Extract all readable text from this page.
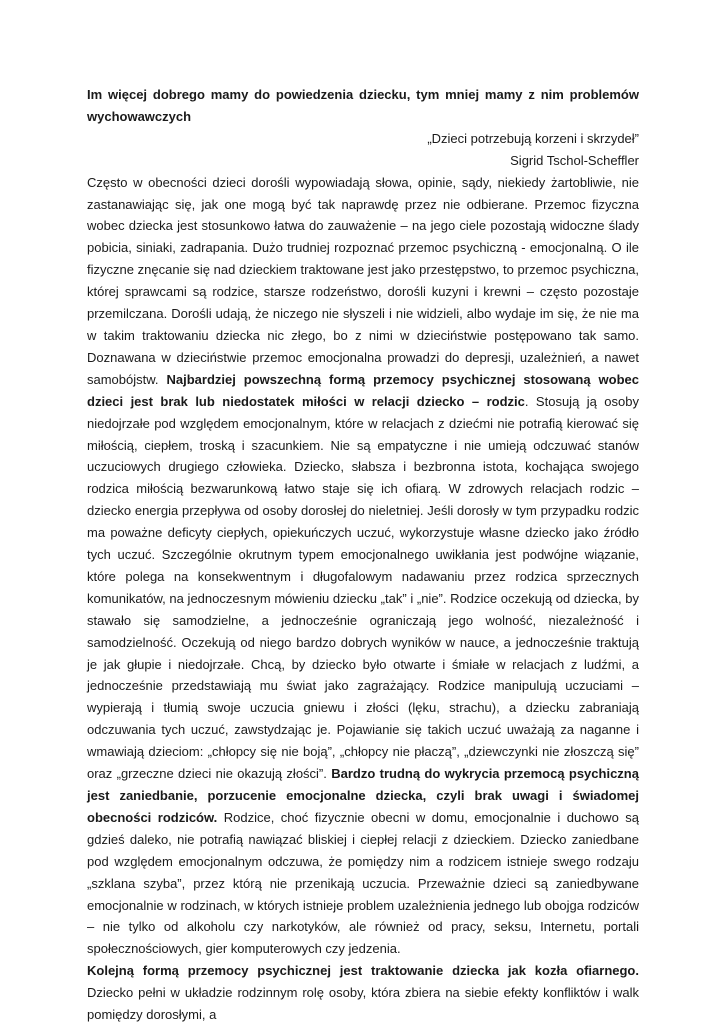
Im więcej dobrego mamy do powiedzenia dziecku, tym mniej mamy z nim problemów wychowawczych

„Dzieci potrzebują korzeni i skrzydeł”

Sigrid Tschol-Scheffler

Często w obecności dzieci dorośli wypowiadają słowa, opinie, sądy, niekiedy żartobliwie, nie zastanawiając się, jak one mogą być tak naprawdę przez nie odbierane. Przemoc fizyczna wobec dziecka jest stosunkowo łatwa do zauważenie – na jego ciele pozostają widoczne ślady pobicia, siniaki, zadrapania. Dużo trudniej rozpoznać przemoc psychiczną - emocjonalną. O ile fizyczne znęcanie się nad dzieckiem traktowane jest jako przestępstwo, to przemoc psychiczna, której sprawcami są rodzice, starsze rodzeństwo, dorośli kuzyni i krewni – często pozostaje przemilczana. Dorośli udają, że niczego nie słyszeli i nie widzieli, albo wydaje im się, że nie ma w takim traktowaniu dziecka nic złego, bo z nimi w dzieciństwie postępowano tak samo. Doznawana w dzieciństwie przemoc emocjonalna prowadzi do depresji, uzależnień, a nawet samobójstw. Najbardziej powszechną formą przemocy psychicznej stosowaną wobec dzieci jest brak lub niedostatek miłości w relacji dziecko – rodzic. Stosują ją osoby niedojrzałe pod względem emocjonalnym, które w relacjach z dziećmi nie potrafią kierować się miłością, ciepłem, troską i szacunkiem. Nie są empatyczne i nie umieją odczuwać stanów uczuciowych drugiego człowieka. Dziecko, słabsza i bezbronna istota, kochająca swojego rodzica miłością bezwarunkową łatwo staje się ich ofiarą. W zdrowych relacjach rodzic – dziecko energia przepływa od osoby dorosłej do nieletniej. Jeśli dorosły w tym przypadku rodzic ma poważne deficyty ciepłych, opiekuńczych uczuć, wykorzystuje własne dziecko jako źródło tych uczuć. Szczególnie okrutnym typem emocjonalnego uwikłania jest podwójne wiązanie, które polega na konsekwentnym i długofalowym nadawaniu przez rodzica sprzecznych komunikatów, na jednoczesnym mówieniu dziecku „tak” i „nie”. Rodzice oczekują od dziecka, by stawało się samodzielne, a jednocześnie ograniczają jego wolność, niezależność i samodzielność. Oczekują od niego bardzo dobrych wyników w nauce, a jednocześnie traktują je jak głupie i niedojrzałe. Chcą, by dziecko było otwarte i śmiałe w relacjach z ludźmi, a jednocześnie przedstawiają mu świat jako zagrażający. Rodzice manipulują uczuciami – wypierają i tłumią swoje uczucia gniewu i złości (lęku, strachu), a dziecku zabraniają odczuwania tych uczuć, zawstydzając je. Pojawianie się takich uczuć uważają za naganne i wmawiają dzieciom: „chłopcy się nie boją”, „chłopcy nie płaczą”, „dziewczynki nie złoszczą się” oraz „grzeczne dzieci nie okazują złości”. Bardzo trudną do wykrycia przemocą psychiczną jest zaniedbanie, porzucenie emocjonalne dziecka, czyli brak uwagi i świadomej obecności rodziców. Rodzice, choć fizycznie obecni w domu, emocjonalnie i duchowo są gdzieś daleko, nie potrafią nawiązać bliskiej i ciepłej relacji z dzieckiem. Dziecko zaniedbane pod względem emocjonalnym odczuwa, że pomiędzy nim a rodzicem istnieje swego rodzaju „szklana szyba”, przez którą nie przenikają uczucia. Przeważnie dzieci są zaniedbywane emocjonalnie w rodzinach, w których istnieje problem uzależnienia jednego lub obojga rodziców – nie tylko od alkoholu czy narkotyków, ale również od pracy, seksu, Internetu, portali społecznościowych, gier komputerowych czy jedzenia.

Kolejną formą przemocy psychicznej jest traktowanie dziecka jak kozła ofiarnego. Dziecko pełni w układzie rodzinnym rolę osoby, która zbiera na siebie efekty konfliktów i walk pomiędzy dorosłymi, a
